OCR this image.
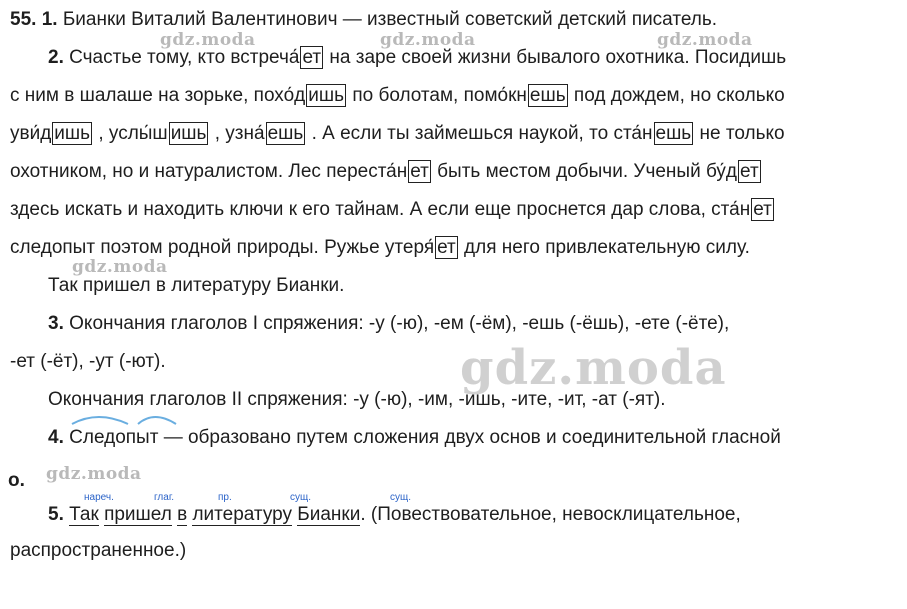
gdz.moda	gdz.moda	gdz.moda
gdz.moda
gdz.moda
gdz.moda
55. 1. Бианки Виталий Валентинович — известный советский детский писатель.
2. Счастье тому, кто встреча́ ет на заре своей жизни бывалого охотника. Посидишь
с ним в шалаше на зорьке, похо́д ишь по болотам, помо́кн ешь под дождем, но сколько
уви́д ишь , услы́ш ишь , узна́ ешь . А если ты займешься наукой, то ста́н ешь не только
охотником, но и натуралистом. Лес переста́н ет быть местом добычи. Ученый бу́д ет
здесь искать и находить ключи к его тайнам. А если еще проснется дар слова, ста́н ет
следопыт поэтом родной природы. Ружье утеря́ ет для него привлекательную силу.
Так пришел в литературу Бианки.
3. Окончания глаголов I спряжения: -у (-ю), -ем (-ём), -ешь (-ёшь), -ете (-ёте),
-ет (-ёт), -ут (-ют).
Окончания глаголов II спряжения: -у (-ю), -им, -ишь, -ите, -ит, -ат (-ят).
4. Следопыт — образовано путем сложения двух основ и соединительной гласной
о.
нареч.	глаг.	пр.	сущ.	сущ.
5. Так пришел в литературу Бианки. (Повествовательное, невосклицательное,
распространенное.)
